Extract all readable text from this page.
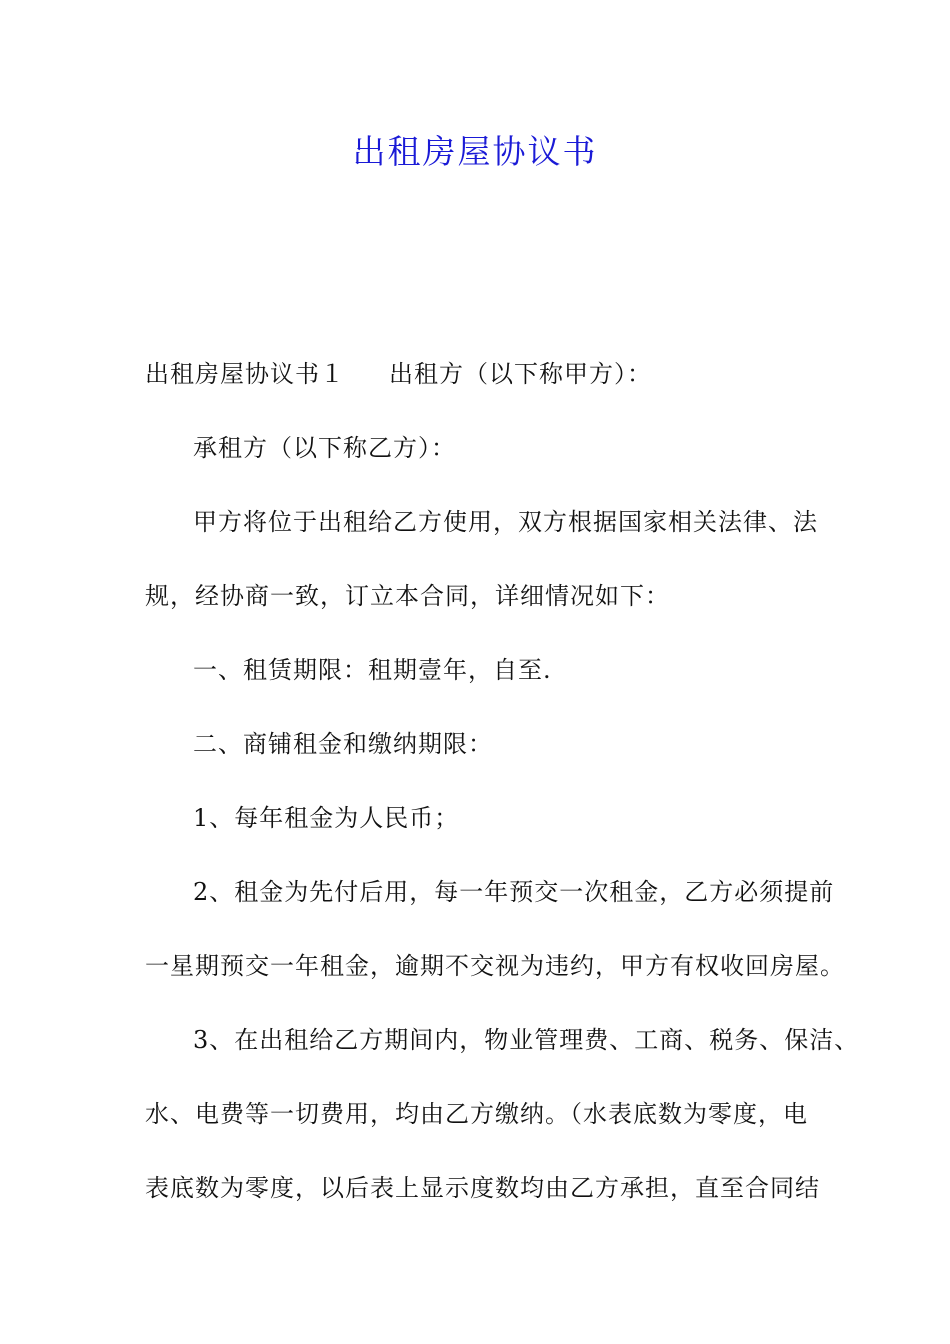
出租房屋协议书

出租房屋协议书１ 出租方（以下称甲方）：

承租方（以下称乙方）：

甲方将位于出租给乙方使用，双方根据国家相关法律、法

规，经协商一致，订立本合同，详细情况如下：

一、租赁期限：租期壹年，自至.

二、商铺租金和缴纳期限：

1、每年租金为人民币；

2、租金为先付后用，每一年预交一次租金，乙方必须提前

一星期预交一年租金，逾期不交视为违约，甲方有权收回房屋。

3、在出租给乙方期间内，物业管理费、工商、税务、保洁、

水、电费等一切费用，均由乙方缴纳。（水表底数为零度，电

表底数为零度，以后表上显示度数均由乙方承担，直至合同结
